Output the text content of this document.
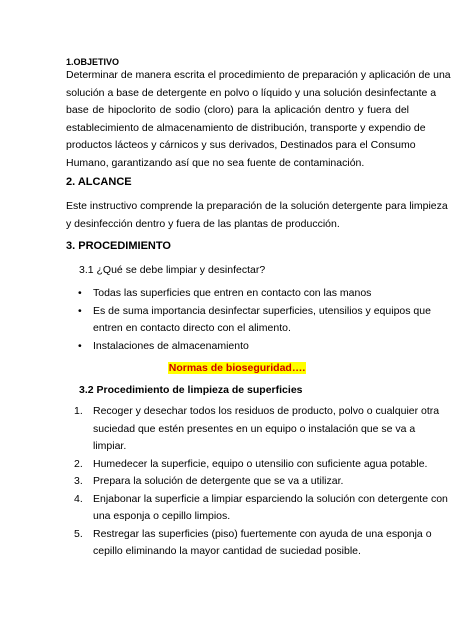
1.OBJETIVO
Determinar de manera escrita el procedimiento de preparación y aplicación de una
solución a base de detergente en polvo o líquido y una solución desinfectante a
base de hipoclorito de sodio (cloro) para la aplicación dentro y fuera del
establecimiento de almacenamiento de distribución, transporte y expendio de
productos lácteos y cárnicos y sus derivados, Destinados para el Consumo
Humano, garantizando así que no sea fuente de contaminación.
2. ALCANCE
Este instructivo comprende la preparación de la solución detergente para limpieza
y desinfección dentro y fuera de las plantas de producción.
3. PROCEDIMIENTO
3.1 ¿Qué se debe limpiar y desinfectar?
• Todas las superficies que entren en contacto con las manos
• Es de suma importancia desinfectar superficies, utensilios y equipos que
entren en contacto directo con el alimento.
• Instalaciones de almacenamiento
Normas de bioseguridad….
3.2 Procedimiento de limpieza de superficies
1. Recoger y desechar todos los residuos de producto, polvo o cualquier otra
suciedad que estén presentes en un equipo o instalación que se va a
limpiar.
2. Humedecer la superficie, equipo o utensilio con suficiente agua potable.
3. Prepara la solución de detergente que se va a utilizar.
4. Enjabonar la superficie a limpiar esparciendo la solución con detergente con
una esponja o cepillo limpios.
5. Restregar las superficies (piso) fuertemente con ayuda de una esponja o
cepillo eliminando la mayor cantidad de suciedad posible.
